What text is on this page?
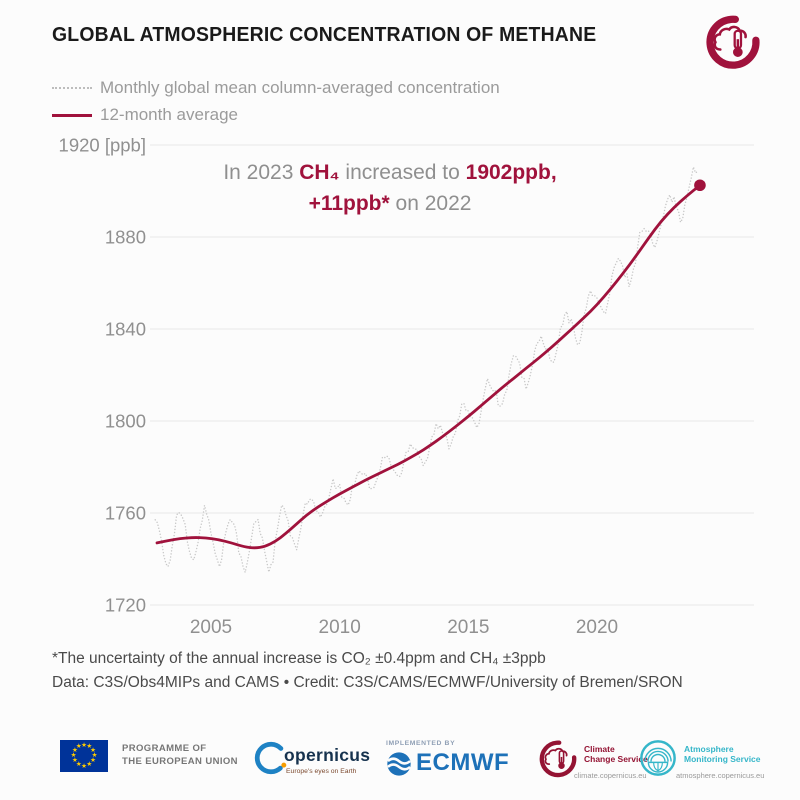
GLOBAL ATMOSPHERIC CONCENTRATION OF METHANE
Monthly global mean column-averaged concentration
12-month average
1720
1760
1800
1840
1880
1920 [ppb]
2005	2010	2015	2020
In 2023 CH₄ increased to 1902ppb,
+11ppb* on 2022
*The uncertainty of the annual increase is CO₂ ±0.4ppm and CH₄ ±3ppb
Data: C3S/Obs4MIPs and CAMS • Credit: C3S/CAMS/ECMWF/University of Bremen/SRON
★ ★
★
★
★
★
★
★
★
★
★
★	PROGRAMME OF
THE EUROPEAN UNION	opernicus
Europe's eyes on Earth
IMPLEMENTED BY
ECMWF	Climate
Change Service
climate.copernicus.eu
Atmosphere
Monitoring Service
atmosphere.copernicus.eu
